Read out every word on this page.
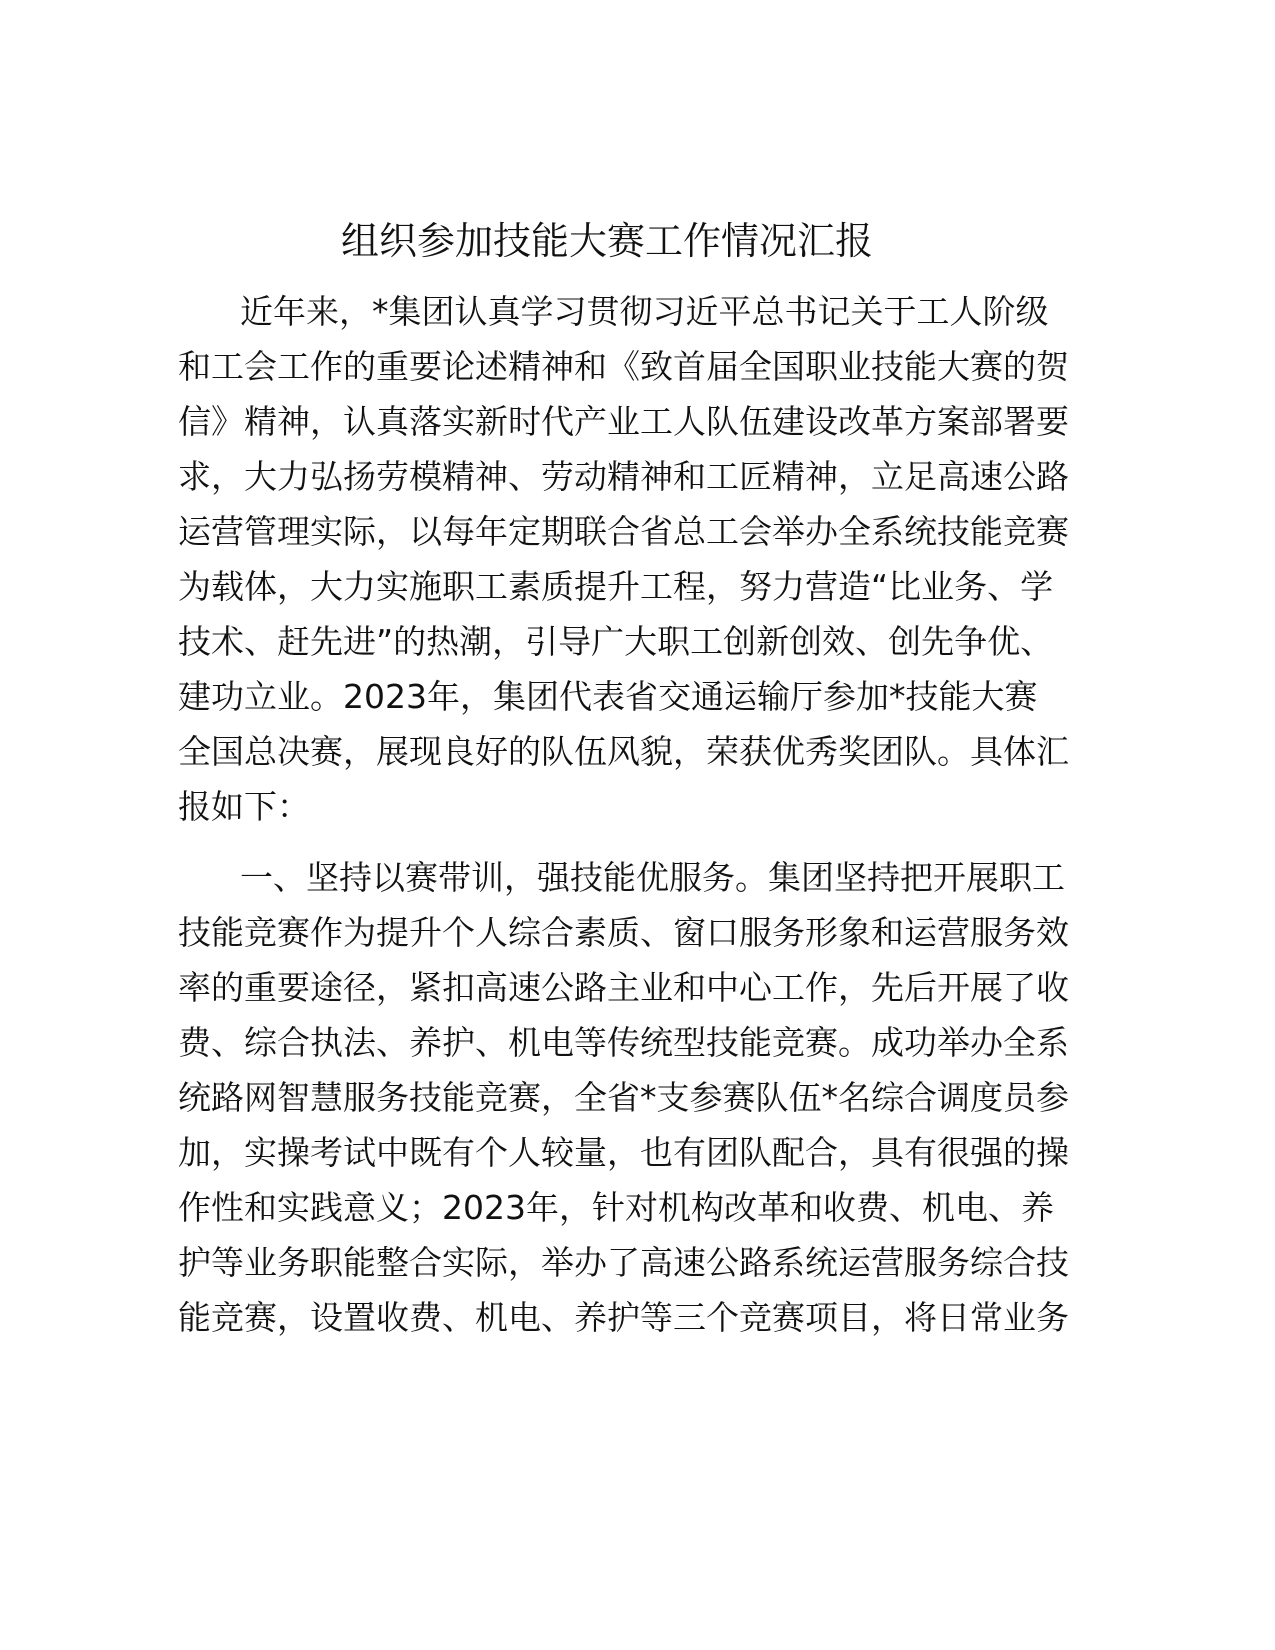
组织参加技能大赛工作情况汇报
近年来，*集团认真学习贯彻习近平总书记关于工人阶级
和工会工作的重要论述精神和《致首届全国职业技能大赛的贺
信》精神，认真落实新时代产业工人队伍建设改革方案部署要
求，大力弘扬劳模精神、劳动精神和工匠精神，立足高速公路
运营管理实际，以每年定期联合省总工会举办全系统技能竞赛
为载体，大力实施职工素质提升工程，努力营造“比业务、学
技术、赶先进”的热潮，引导广大职工创新创效、创先争优、
建功立业。2023年，集团代表省交通运输厅参加*技能大赛
全国总决赛，展现良好的队伍风貌，荣获优秀奖团队。具体汇
报如下：
一、坚持以赛带训，强技能优服务。集团坚持把开展职工
技能竞赛作为提升个人综合素质、窗口服务形象和运营服务效
率的重要途径，紧扣高速公路主业和中心工作，先后开展了收
费、综合执法、养护、机电等传统型技能竞赛。成功举办全系
统路网智慧服务技能竞赛，全省*支参赛队伍*名综合调度员参
加，实操考试中既有个人较量，也有团队配合，具有很强的操
作性和实践意义；2023年，针对机构改革和收费、机电、养
护等业务职能整合实际，举办了高速公路系统运营服务综合技
能竞赛，设置收费、机电、养护等三个竞赛项目，将日常业务
